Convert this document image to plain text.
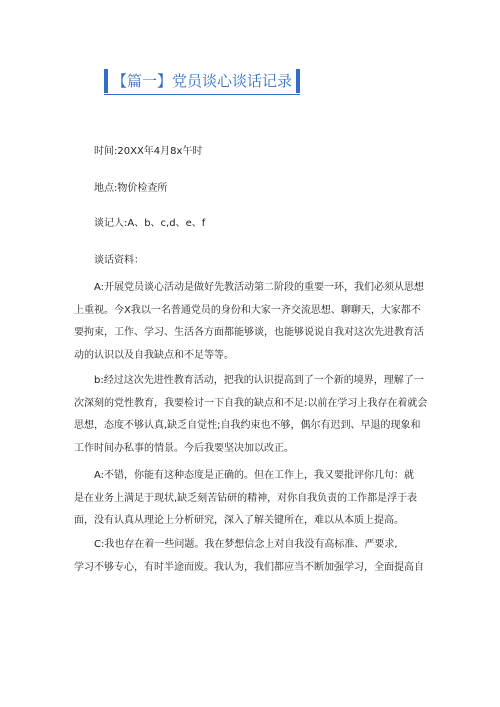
【篇一】党员谈心谈话记录
时间:20XX年4月8x午时
地点:物价检查所
谈记人:A、b、c,d、e、f
谈话资料：
A:开展党员谈心活动是做好先教活动第二阶段的重要一环，我们必须从思想
上重视。今X我以一名普通党员的身份和大家一齐交流思想、聊聊天，大家都不
要拘束，工作、学习、生活各方面都能够谈，也能够说说自我对这次先进教育活
动的认识以及自我缺点和不足等等。
b:经过这次先进性教育活动，把我的认识提高到了一个新的境界，理解了一
次深刻的党性教育，我要检讨一下自我的缺点和不足:以前在学习上我存在着就会
思想，态度不够认真,缺乏自觉性;自我约束也不够，偶尔有迟到、早退的现象和
工作时间办私事的情景。今后我要坚决加以改正。
A:不错，你能有这种态度是正确的。但在工作上，我又要批评你几句：就
是在业务上满足于现状,缺乏刻苦钻研的精神，对你自我负责的工作都是浮于表
面，没有认真从理论上分析研究，深入了解关键所在，难以从本质上提高。
C:我也存在着一些问题。我在梦想信念上对自我没有高标准、严要求,
学习不够专心，有时半途而废。我认为，我们都应当不断加强学习，全面提高自
